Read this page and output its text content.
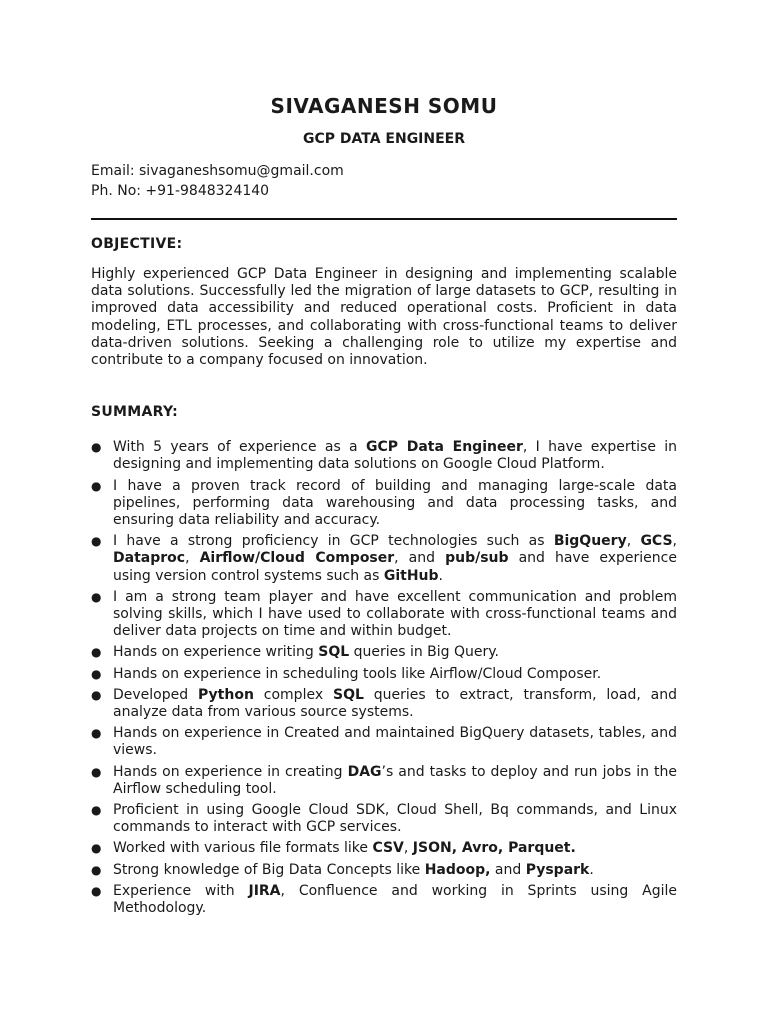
SIVAGANESH SOMU
GCP DATA ENGINEER
Email: sivaganeshsomu@gmail.com
Ph. No: +91-9848324140
OBJECTIVE:

Highly experienced GCP Data Engineer in designing and implementing scalable data solutions. Successfully led the migration of large datasets to GCP, resulting in improved data accessibility and reduced operational costs. Proficient in data modeling, ETL processes, and collaborating with cross-functional teams to deliver data-driven solutions. Seeking a challenging role to utilize my expertise and contribute to a company focused on innovation.

SUMMARY:
● With 5 years of experience as a GCP Data Engineer, I have expertise in designing and implementing data solutions on Google Cloud Platform.
● I have a proven track record of building and managing large-scale data pipelines, performing data warehousing and data processing tasks, and ensuring data reliability and accuracy.
● I have a strong proficiency in GCP technologies such as BigQuery, GCS, Dataproc, Airflow/Cloud Composer, and pub/sub and have experience using version control systems such as GitHub.
● I am a strong team player and have excellent communication and problem solving skills, which I have used to collaborate with cross-functional teams and deliver data projects on time and within budget.
● Hands on experience writing SQL queries in Big Query.
● Hands on experience in scheduling tools like Airflow/Cloud Composer.
● Developed Python complex SQL queries to extract, transform, load, and analyze data from various source systems.
● Hands on experience in Created and maintained BigQuery datasets, tables, and views.
● Hands on experience in creating DAG’s and tasks to deploy and run jobs in the Airflow scheduling tool.
● Proficient in using Google Cloud SDK, Cloud Shell, Bq commands, and Linux commands to interact with GCP services.
● Worked with various file formats like CSV, JSON, Avro, Parquet.
● Strong knowledge of Big Data Concepts like Hadoop, and Pyspark.
● Experience with JIRA, Confluence and working in Sprints using Agile Methodology.
